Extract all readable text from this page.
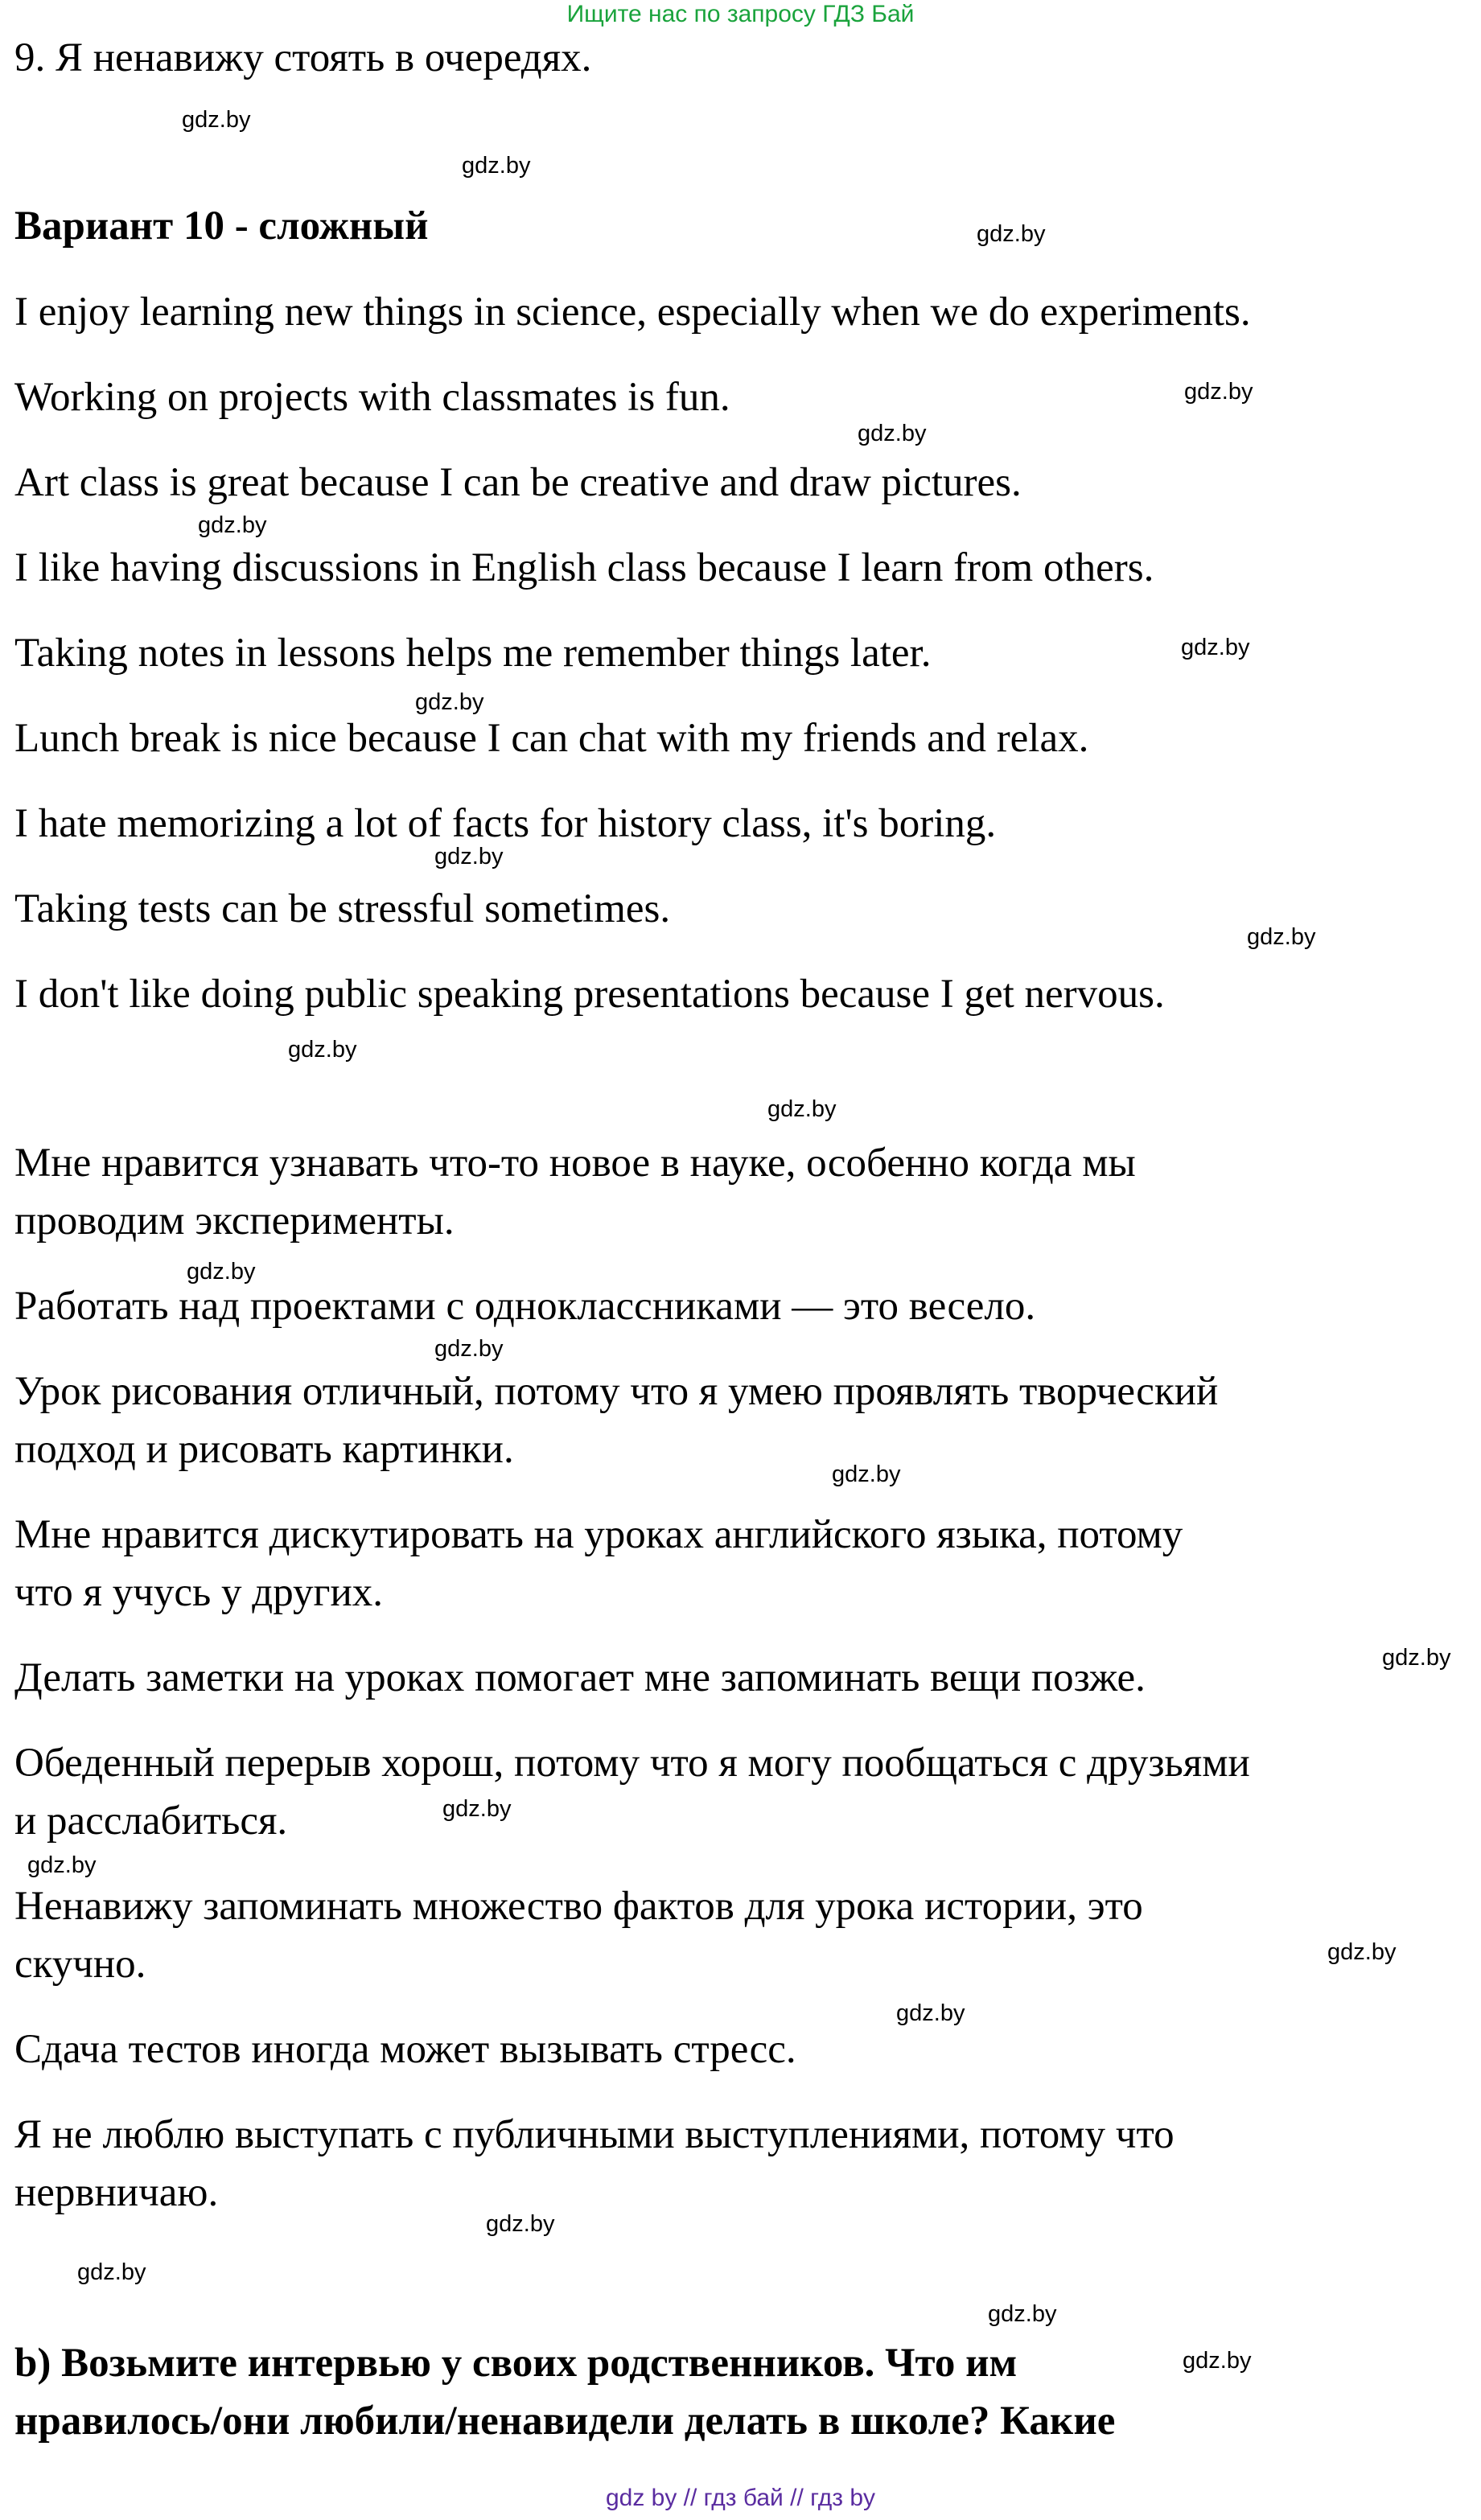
Ищите нас по запросу ГДЗ Бай
9. Я ненавижу стоять в очередях.
Вариант 10 - сложный
I enjoy learning new things in science, especially when we do experiments.
Working on projects with classmates is fun.
Art class is great because I can be creative and draw pictures.
I like having discussions in English class because I learn from others.
Taking notes in lessons helps me remember things later.
Lunch break is nice because I can chat with my friends and relax.
I hate memorizing a lot of facts for history class, it's boring.
Taking tests can be stressful sometimes.
I don't like doing public speaking presentations because I get nervous.
Мне нравится узнавать что-то новое в науке, особенно когда мы
проводим эксперименты.
Работать над проектами с одноклассниками — это весело.
Урок рисования отличный, потому что я умею проявлять творческий
подход и рисовать картинки.
Мне нравится дискутировать на уроках английского языка, потому
что я учусь у других.
Делать заметки на уроках помогает мне запоминать вещи позже.
Обеденный перерыв хорош, потому что я могу пообщаться с друзьями
и расслабиться.
Ненавижу запоминать множество фактов для урока истории, это
скучно.
Сдача тестов иногда может вызывать стресс.
Я не люблю выступать с публичными выступлениями, потому что
нервничаю.
b) Возьмите интервью у своих родственников. Что им
нравилось/они любили/ненавидели делать в школе? Какие
gdz.by
gdz.by
gdz.by
gdz.by
gdz.by
gdz.by
gdz.by
gdz.by
gdz.by
gdz.by
gdz.by
gdz.by
gdz.by
gdz.by
gdz.by
gdz.by
gdz.by
gdz.by
gdz.by
gdz.by
gdz.by
gdz.by
gdz.by
gdz.by
gdz by // гдз бай // гдз by
